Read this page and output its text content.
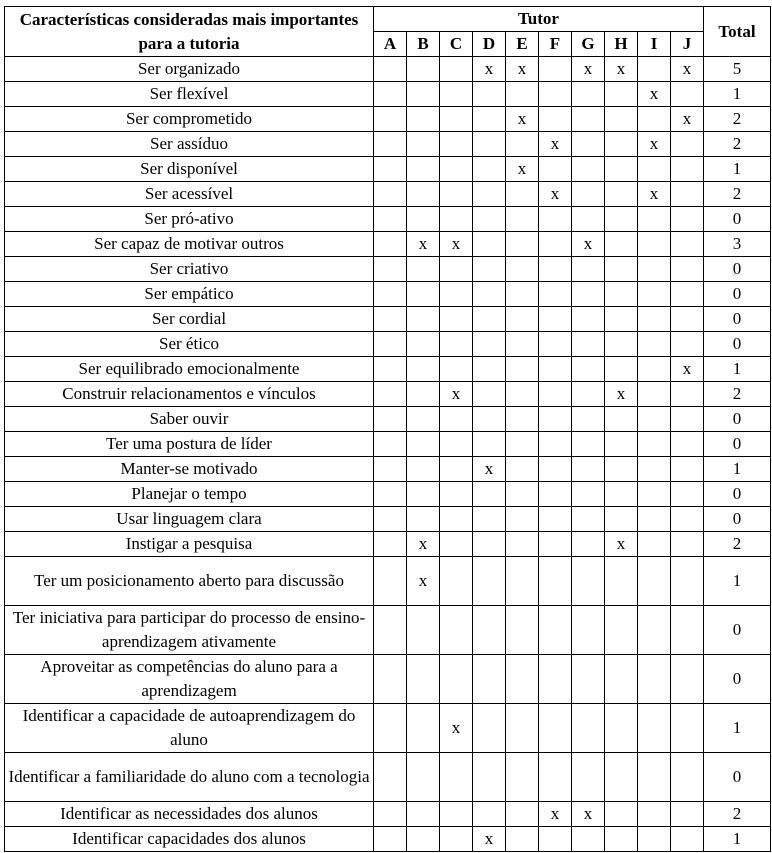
Características consideradas mais importantes para a tutoria	Tutor										Total
	A	B	C	D	E	F	G	H	I	J	
Ser organizado				x	x		x	x		x	5
Ser flexível									x		1
Ser comprometido					x					x	2
Ser assíduo						x			x		2
Ser disponível					x						1
Ser acessível						x			x		2
Ser pró-ativo											0
Ser capaz de motivar outros		x	x				x				3
Ser criativo											0
Ser empático											0
Ser cordial											0
Ser ético											0
Ser equilibrado emocionalmente										x	1
Construir relacionamentos e vínculos			x					x			2
Saber ouvir											0
Ter uma postura de líder											0
Manter-se motivado				x							1
Planejar o tempo											0
Usar linguagem clara											0
Instigar a pesquisa		x						x			2
Ter um posicionamento aberto para discussão		x									1
Ter iniciativa para participar do processo de ensino-aprendizagem ativamente											0
Aproveitar as competências do aluno para a aprendizagem											0
Identificar a capacidade de autoaprendizagem do aluno			x								1
Identificar a familiaridade do aluno com a tecnologia											0
Identificar as necessidades dos alunos						x	x				2
Identificar capacidades dos alunos				x							1
